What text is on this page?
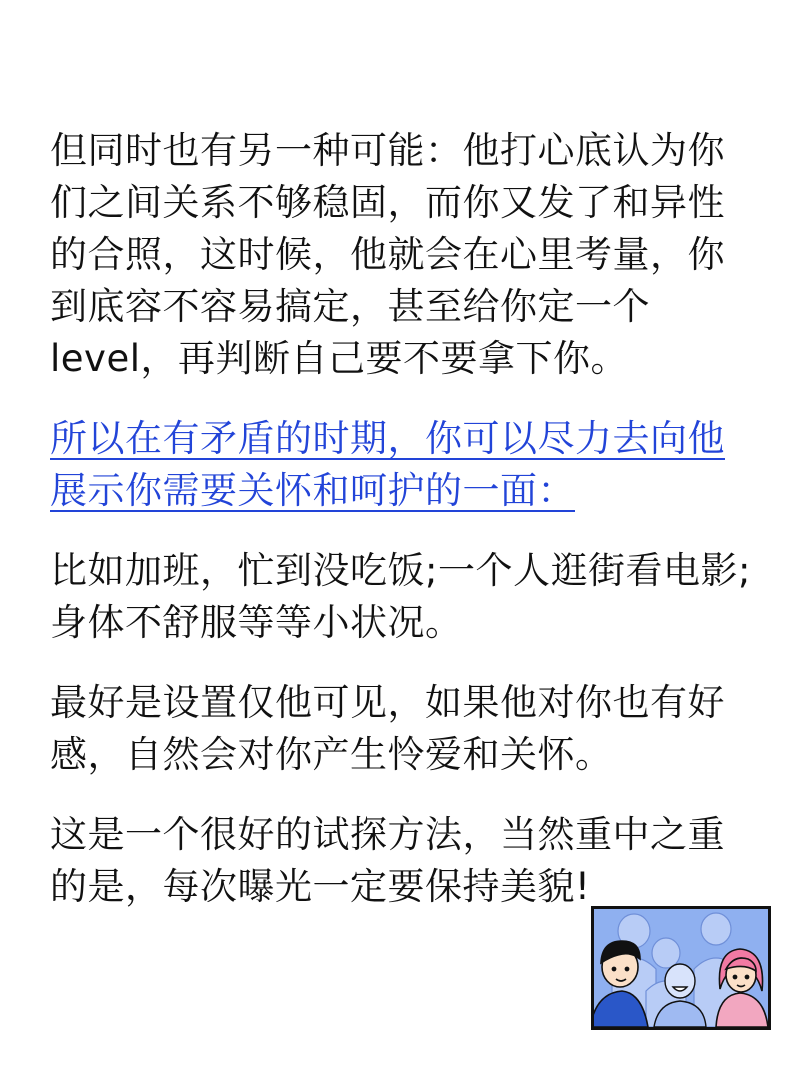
但同时也有另一种可能：他打心底认为你们之间关系不够稳固，而你又发了和异性的合照，这时候，他就会在心里考量，你到底容不容易搞定，甚至给你定一个level，再判断自己要不要拿下你。

所以在有矛盾的时期，你可以尽力去向他展示你需要关怀和呵护的一面：

比如加班，忙到没吃饭;一个人逛街看电影;身体不舒服等等小状况。

最好是设置仅他可见，如果他对你也有好感，自然会对你产生怜爱和关怀。

这是一个很好的试探方法，当然重中之重的是，每次曝光一定要保持美貌!
